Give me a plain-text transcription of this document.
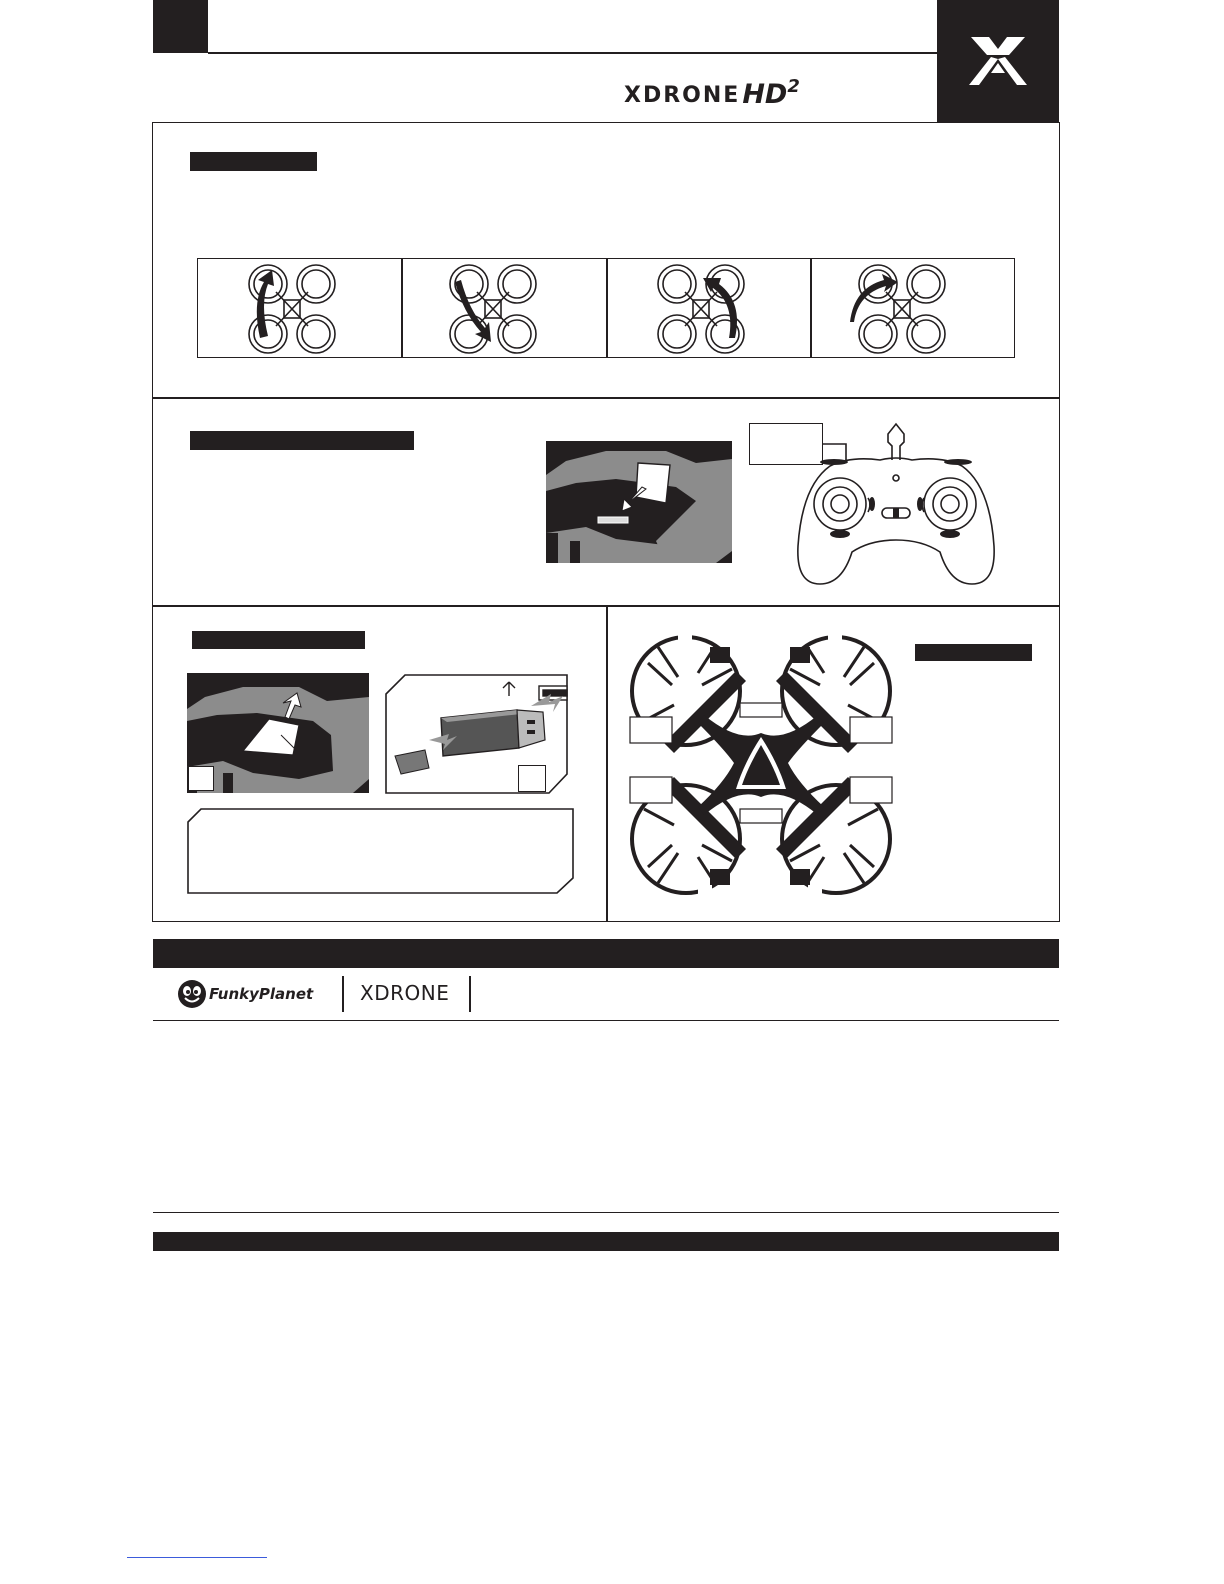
XDRONE HD 2
FunkyPlanet XDRONE
